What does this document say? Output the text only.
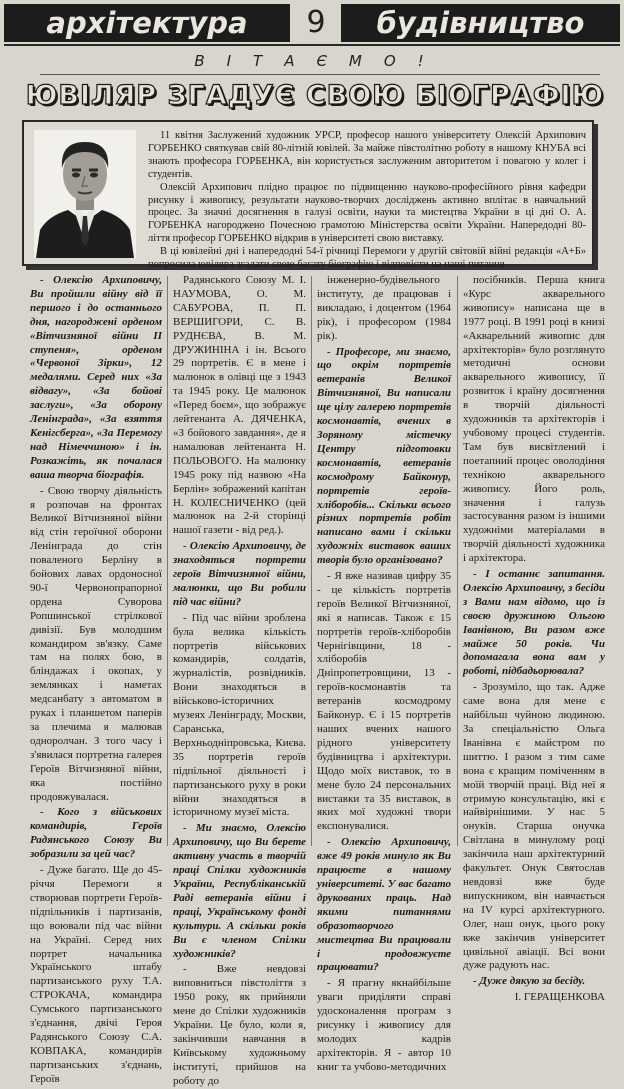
архітектура	9	будівництво
ВІТАЄМО!
ЮВІЛЯР ЗГАДУЄ СВОЮ БІОГРАФІЮ

11 квітня Заслужений художник УРСР, професор нашого університету Олексій Архипович ГОРБЕНКО святкував свій 80-літній ювілей. За майже півстолітню роботу в нашому КНУБА всі знають професора ГОРБЕНКА, він користується заслуженим авторитетом і повагою у колег і студентів.

Олексій Архипович плідно працює по підвищенню науково-професійного рівня кафедри рисунку і живопису, результати науково-творчих досліджень активно вплітає в навчальний процес. За значні досягнення в галузі освіти, науки та мистецтва України в ці дні О. А. ГОРБЕНКА нагороджено Почесною грамотою Міністерства освіти України. Напередодні 80-ліття професор ГОРБЕНКО відкрив в університеті свою виставку.

В ці ювілейні дні і напередодні 54-ї річниці Перемоги у другій світовій війні редакція «А+Б» попросила ювіляра згадати свою багату біографію і відповісти на наші питання.

- Олексію Архиповичу, Ви пройшли війну від її першого і до останнього дня, нагороджені орденом «Вітчизняної війни II ступеня», орденом «Червоної Зірки», 12 медалями. Серед них «За відвагу», «За бойові заслуги», «За оборону Ленінграда», «За взяття Кенігсберга», «За Перемогу над Німеччиною» і ін. Розкажіть, як почалася ваша творча біографія.

- Свою творчу діяльність я розпочав на фронтах Великої Вітчизняної війни від стін героїчної оборони Ленінграда до стін поваленого Берліну в бойових лавах ордоносної 90-ї Червонопрапорної ордена Суворова Ропшинської стрілкової дивізії. Був молодшим командиром зв'язку. Саме там на полях бою, в бліндажах і окопах, у землянках і наметах медсанбату з автоматом в руках і планшетом паперів за плечима я малював одноpолчан. З того часу і з'явилася портретна галерея Героїв Вітчизняної війни, яка постійно продовжувалася.

- Кого з військових командирів, Героїв Радянського Союзу Ви зобразили за цей час?

- Дуже багато. Ще до 45-річчя Перемоги я створював портрети Героїв-підпільників і партизанів, що воювали під час війни на Україні. Серед них портрет начальника Українського штабу партизанського руху Т.А. СТРОКАЧА, командира Сумського партизанського з'єднання, двічі Героя Радянського Союзу С.А. КОВПАКА, командирів партизанських з'єднань, Героїв

Радянського Союзу М. І. НАУМОВА, О. М. САБУРОВА, П. П. ВЕРШИГОРИ, С. В. РУДНЄВА, В. М. ДРУЖИНІНА і ін. Всього 29 портретів. Є в мене і малюнок в олівці ще з 1943 та 1945 року. Це малюнок «Перед боєм», що зображує лейтенанта А. ДЯЧЕНКА, «З бойового завдання», де я намалював лейтенанта Н. ПОЛЬОВОГО. На малюнку 1945 року під назвою «На Берлін» зображений капітан Н. КОЛЕСНИЧЕНКО (цей малюнок на 2-й сторінці нашої газети - від ред.).

- Олексію Архиповичу, де знаходяться портрети героїв Вітчизняної війни, малюнки, що Ви робили під час війни?

- Під час війни зроблена була велика кількість портретів військових командирів, солдатів, журналістів, розвідників. Вони знаходяться в військово-історичних музеях Ленінграду, Москви, Саранська, Верхньодніпровська, Києва. 35 портретів героїв підпільної діяльності і партизанського руху в роки війни знаходяться в історичному музеї міста.

- Ми знаємо, Олексію Архиповичу, що Ви берете активну участь в творчій праці Спілки художників України, Республіканській Раді ветеранів війни і праці, Українському фонді культури. А скільки років Ви є членом Спілки художників?

- Вже невдовзі виповниться півстоліття з 1950 року, як прийняли мене до Спілки художників України. Це було, коли я, закінчивши навчання в Київському художньому інституті, прийшов на роботу до

інженерно-будівельного інституту, де працював і викладаю, і доцентом (1964 рік), і професором (1984 рік).

- Професоре, ми знаємо, що окрім портретів ветеранів Великої Вітчизняної, Ви написали ще цілу галерею портретів космонавтів, вчених в Зоряному містечку Центру підготовки космонавтів, ветеранів космодрому Байконур, портретів героїв-хліборобів... Скільки всього різних портретів робіт написано вами і скільки художніх виставок ваших творів було організовано?

- Я вже називав цифру 35 - це кількість портретів героїв Великої Вітчизняної, які я написав. Також є 15 портретів героїв-хліборобів Чернігівщини, 18 - хліборобів Дніпропетровщини, 13 - героїв-космонавтів та ветеранів космодрому Байконур. Є і 15 портретів наших вчених нашого рідного університету будівництва і архітектури. Щодо моїх виставок, то в мене було 24 персональних виставки та 35 виставок, в яких мої художні твори експонувалися.

- Олексію Архиповичу, вже 49 років минуло як Ви працюєте в нашому університеті. У вас багато друкованих праць. Над якими питаннями образотворчого мистецтва Ви працювали і продовжуєте працювати?

- Я прагну якнайбільше уваги приділяти справі удосконалення програм з рисунку і живопису для молодих кадрів архітекторів. Я - автор 10 книг та учбово-методичних

посібників. Перша книга «Курс акварельного живопису» написана ще в 1977 році. В 1991 році в книзі «Акварельний живопис для архітекторів» було розглянуто методичні основи акварельного живопису, її розвиток і країну досягнення в творчій діяльності художників та архітекторів і учбовому процесі студентів. Там був висвітлений і поетапний процес оволодіння технікою акварельного живопису. Його роль, значення і галузь застосування разом із іншими художніми матеріалами в творчій діяльності художника і архітектора.

- І останнє запитання. Олексію Архиповичу, з бесіди з Вами нам відомо, що із своєю дружиною Ольгою Іванівною, Ви разом вже майже 50 років. Чи допомагала вона вам у роботі, підбадьорювала?

- Зрозуміло, що так. Адже саме вона для мене є найбільш чуйною людиною. За спеціальністю Ольга Іванівна є майстром по шиттю. І разом з тим саме вона є кращим поміченням в моїй творчій праці. Від неї я отримую консультацію, які є найвірнішими. У нас 5 онуків. Старша онучка Світлана в минулому році закінчила наш архітектурний факультет. Онук Святослав невдовзі вже буде випускником, він навчається на IV курсі архітектурного. Олег, наш онук, цього року вже закінчив університет цивільної авіації. Всі вони дуже радують нас.

- Дуже дякую за бесіду.

І. ГЕРАЩЕНКОВА
